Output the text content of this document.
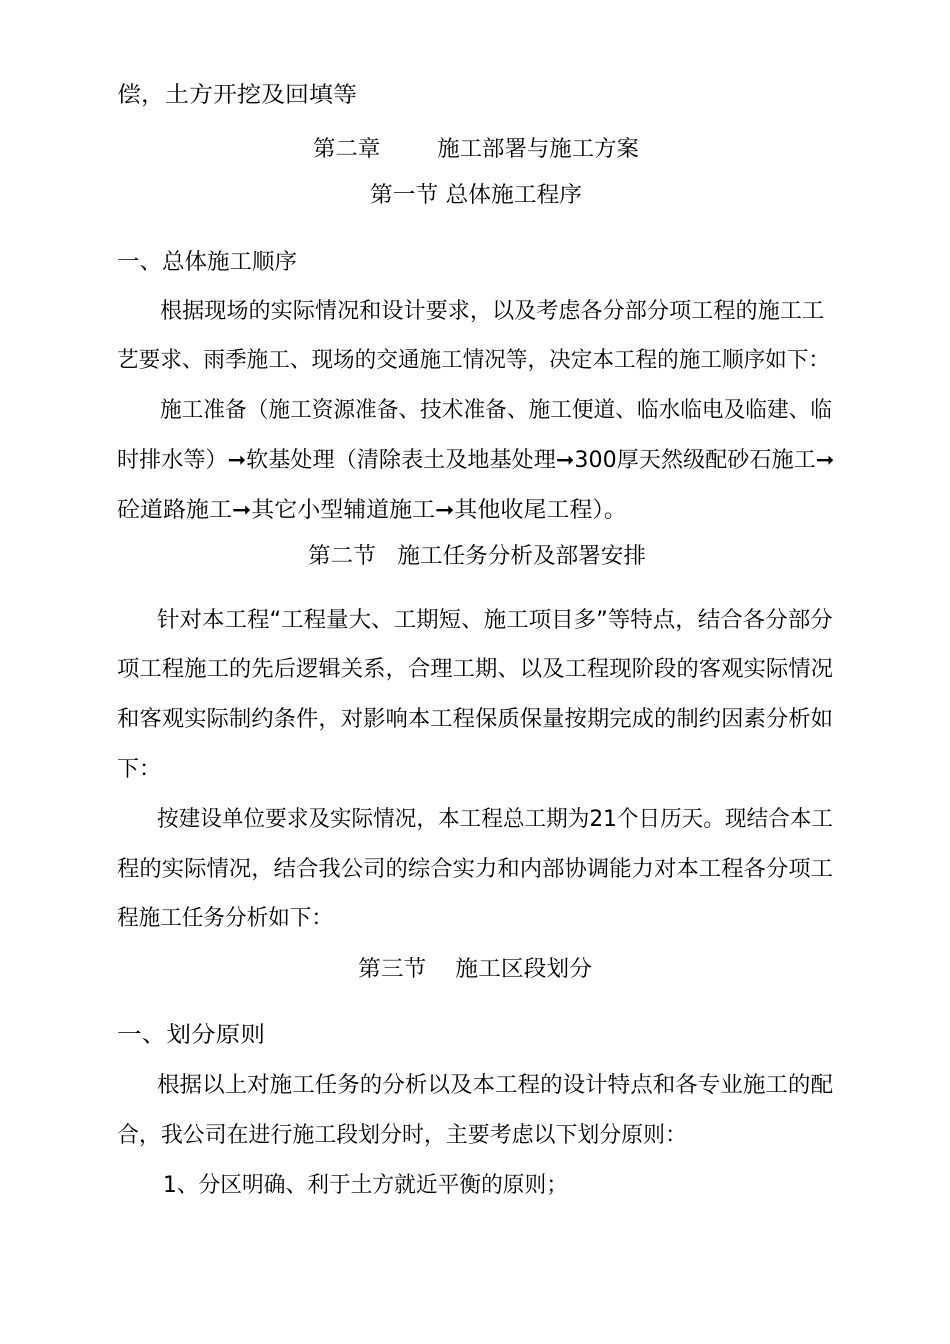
偿，土方开挖及回填等
第二章        施工部署与施工方案
第一节 总体施工程序
一、总体施工顺序
根据现场的实际情况和设计要求，以及考虑各分部分项工程的施工工
艺要求、雨季施工、现场的交通施工情况等，决定本工程的施工顺序如下：
施工准备（施工资源准备、技术准备、施工便道、临水临电及临建、临
时排水等）➞软基处理（清除表土及地基处理➞300厚天然级配砂石施工➞
砼道路施工➞其它小型辅道施工➞其他收尾工程）。
第二节   施工任务分析及部署安排
针对本工程“工程量大、工期短、施工项目多”等特点，结合各分部分
项工程施工的先后逻辑关系，合理工期、以及工程现阶段的客观实际情况
和客观实际制约条件，对影响本工程保质保量按期完成的制约因素分析如
下：
按建设单位要求及实际情况，本工程总工期为21个日历天。现结合本工
程的实际情况，结合我公司的综合实力和内部协调能力对本工程各分项工
程施工任务分析如下：
第三节    施工区段划分
一、划分原则
根据以上对施工任务的分析以及本工程的设计特点和各专业施工的配
合，我公司在进行施工段划分时，主要考虑以下划分原则：
1、分区明确、利于土方就近平衡的原则；
